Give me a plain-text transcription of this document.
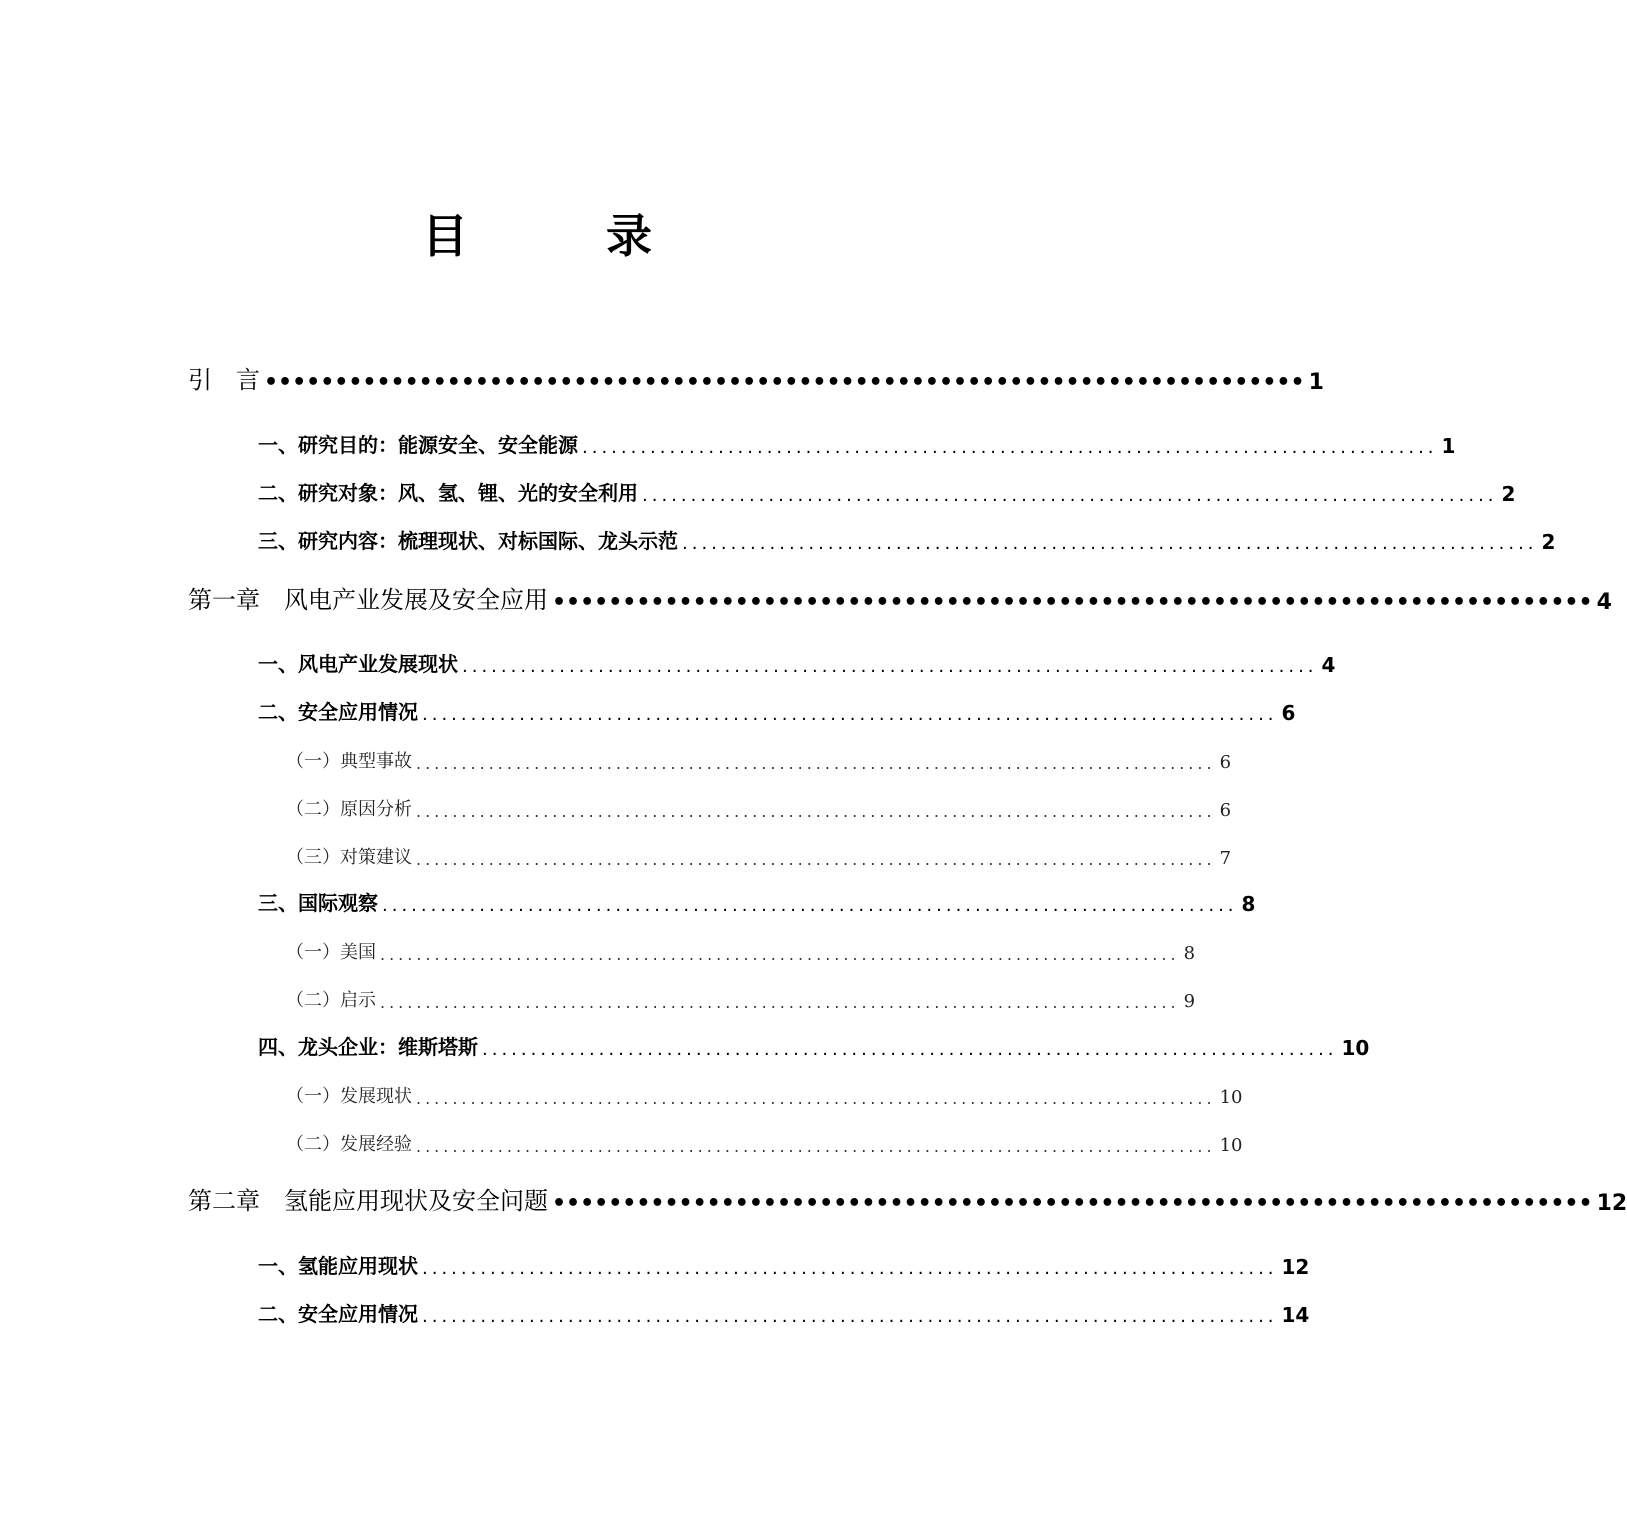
目　录
引　言 •••••••••••••••••••••••••••••••••••••••••••••••••••••••••••••••••••••••••• 1
一、研究目的：能源安全、安全能源 ........................................................................................ 1
二、研究对象：风、氢、锂、光的安全利用 ........................................................................................ 2
三、研究内容：梳理现状、对标国际、龙头示范 ........................................................................................ 2
第一章　风电产业发展及安全应用 •••••••••••••••••••••••••••••••••••••••••••••••••••••••••••••••••••••••••• 4
一、风电产业发展现状 ........................................................................................ 4
二、安全应用情况 ........................................................................................ 6
（一）典型事故 ........................................................................................ 6
（二）原因分析 ........................................................................................ 6
（三）对策建议 ........................................................................................ 7
三、国际观察 ........................................................................................ 8
（一）美国 ........................................................................................ 8
（二）启示 ........................................................................................ 9
四、龙头企业：维斯塔斯 ........................................................................................ 10
（一）发展现状 ........................................................................................ 10
（二）发展经验 ........................................................................................ 10
第二章　氢能应用现状及安全问题 •••••••••••••••••••••••••••••••••••••••••••••••••••••••••••••••••••••••••• 12
一、氢能应用现状 ........................................................................................ 12
二、安全应用情况 ........................................................................................ 14
